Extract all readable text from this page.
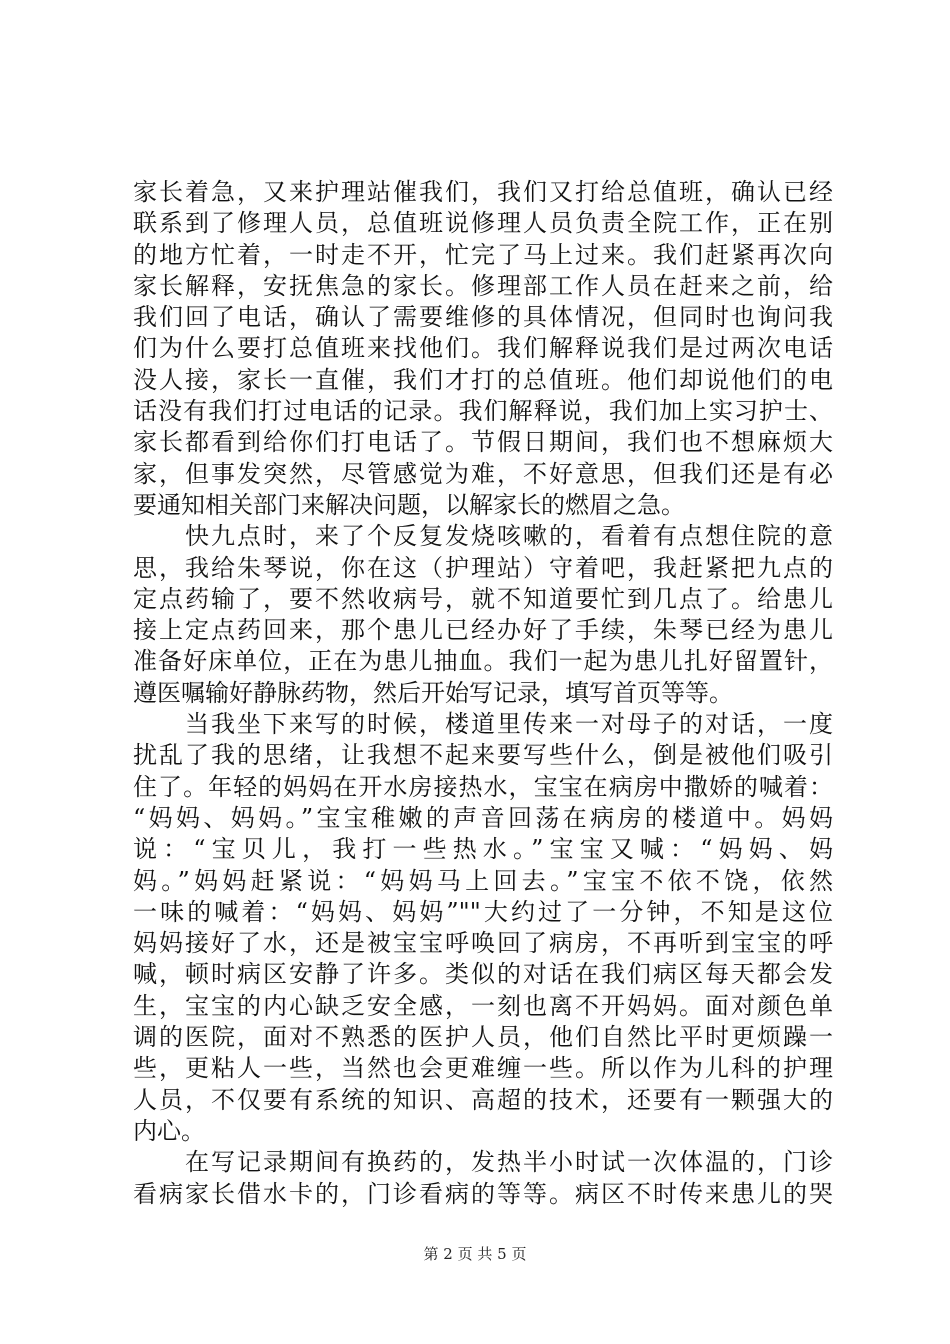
家长着急，又来护理站催我们，我们又打给总值班，确认已经
联系到了修理人员，总值班说修理人员负责全院工作，正在别
的地方忙着，一时走不开，忙完了马上过来。我们赶紧再次向
家长解释，安抚焦急的家长。修理部工作人员在赶来之前，给
我们回了电话，确认了需要维修的具体情况，但同时也询问我
们为什么要打总值班来找他们。我们解释说我们是过两次电话
没人接，家长一直催，我们才打的总值班。他们却说他们的电
话没有我们打过电话的记录。我们解释说，我们加上实习护士、
家长都看到给你们打电话了。节假日期间，我们也不想麻烦大
家，但事发突然，尽管感觉为难，不好意思，但我们还是有必
要通知相关部门来解决问题，以解家长的燃眉之急。
　　快九点时，来了个反复发烧咳嗽的，看着有点想住院的意
思，我给朱琴说，你在这（护理站）守着吧，我赶紧把九点的
定点药输了，要不然收病号，就不知道要忙到几点了。给患儿
接上定点药回来，那个患儿已经办好了手续，朱琴已经为患儿
准备好床单位，正在为患儿抽血。我们一起为患儿扎好留置针，
遵医嘱输好静脉药物，然后开始写记录，填写首页等等。
　　当我坐下来写的时候，楼道里传来一对母子的对话，一度
扰乱了我的思绪，让我想不起来要写些什么，倒是被他们吸引
住了。年轻的妈妈在开水房接热水，宝宝在病房中撒娇的喊着：
“妈妈、妈妈。”宝宝稚嫩的声音回荡在病房的楼道中。妈妈
说：“宝贝儿，我打一些热水。”宝宝又喊：“妈妈、妈
妈。”妈妈赶紧说：“妈妈马上回去。”宝宝不依不饶，依然
一味的喊着：“妈妈、妈妈”""大约过了一分钟，不知是这位
妈妈接好了水，还是被宝宝呼唤回了病房，不再听到宝宝的呼
喊，顿时病区安静了许多。类似的对话在我们病区每天都会发
生，宝宝的内心缺乏安全感，一刻也离不开妈妈。面对颜色单
调的医院，面对不熟悉的医护人员，他们自然比平时更烦躁一
些，更粘人一些，当然也会更难缠一些。所以作为儿科的护理
人员，不仅要有系统的知识、高超的技术，还要有一颗强大的
内心。
　　在写记录期间有换药的，发热半小时试一次体温的，门诊
看病家长借水卡的，门诊看病的等等。病区不时传来患儿的哭
第 2 页 共 5 页
